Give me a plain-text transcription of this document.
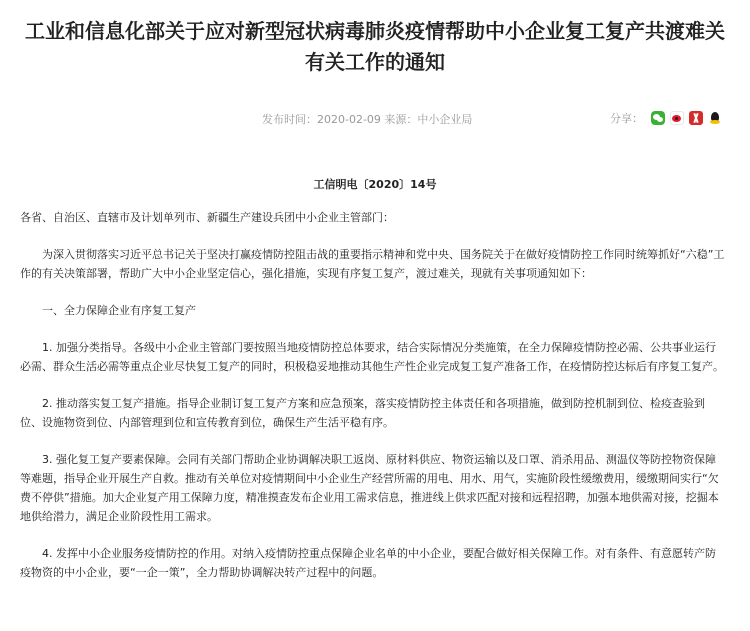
工业和信息化部关于应对新型冠状病毒肺炎疫情帮助中小企业复工复产共渡难关有关工作的通知
发布时间：2020-02-09 来源：中小企业局	分享：
工信明电〔2020〕14号

各省、自治区、直辖市及计划单列市、新疆生产建设兵团中小企业主管部门：

为深入贯彻落实习近平总书记关于坚决打赢疫情防控阻击战的重要指示精神和党中央、国务院关于在做好疫情防控工作同时统筹抓好“六稳”工作的有关决策部署，帮助广大中小企业坚定信心，强化措施，实现有序复工复产，渡过难关，现就有关事项通知如下：

一、全力保障企业有序复工复产

1. 加强分类指导。各级中小企业主管部门要按照当地疫情防控总体要求，结合实际情况分类施策，在全力保障疫情防控必需、公共事业运行必需、群众生活必需等重点企业尽快复工复产的同时，积极稳妥地推动其他生产性企业完成复工复产准备工作，在疫情防控达标后有序复工复产。

2. 推动落实复工复产措施。指导企业制订复工复产方案和应急预案，落实疫情防控主体责任和各项措施，做到防控机制到位、检疫查验到位、设施物资到位、内部管理到位和宣传教育到位，确保生产生活平稳有序。

3. 强化复工复产要素保障。会同有关部门帮助企业协调解决职工返岗、原材料供应、物资运输以及口罩、消杀用品、测温仪等防控物资保障等难题，指导企业开展生产自救。推动有关单位对疫情期间中小企业生产经营所需的用电、用水、用气，实施阶段性缓缴费用，缓缴期间实行“欠费不停供”措施。加大企业复产用工保障力度，精准摸查发布企业用工需求信息，推进线上供求匹配对接和远程招聘，加强本地供需对接，挖掘本地供给潜力，满足企业阶段性用工需求。

4. 发挥中小企业服务疫情防控的作用。对纳入疫情防控重点保障企业名单的中小企业，要配合做好相关保障工作。对有条件、有意愿转产防疫物资的中小企业，要“一企一策”，全力帮助协调解决转产过程中的问题。
